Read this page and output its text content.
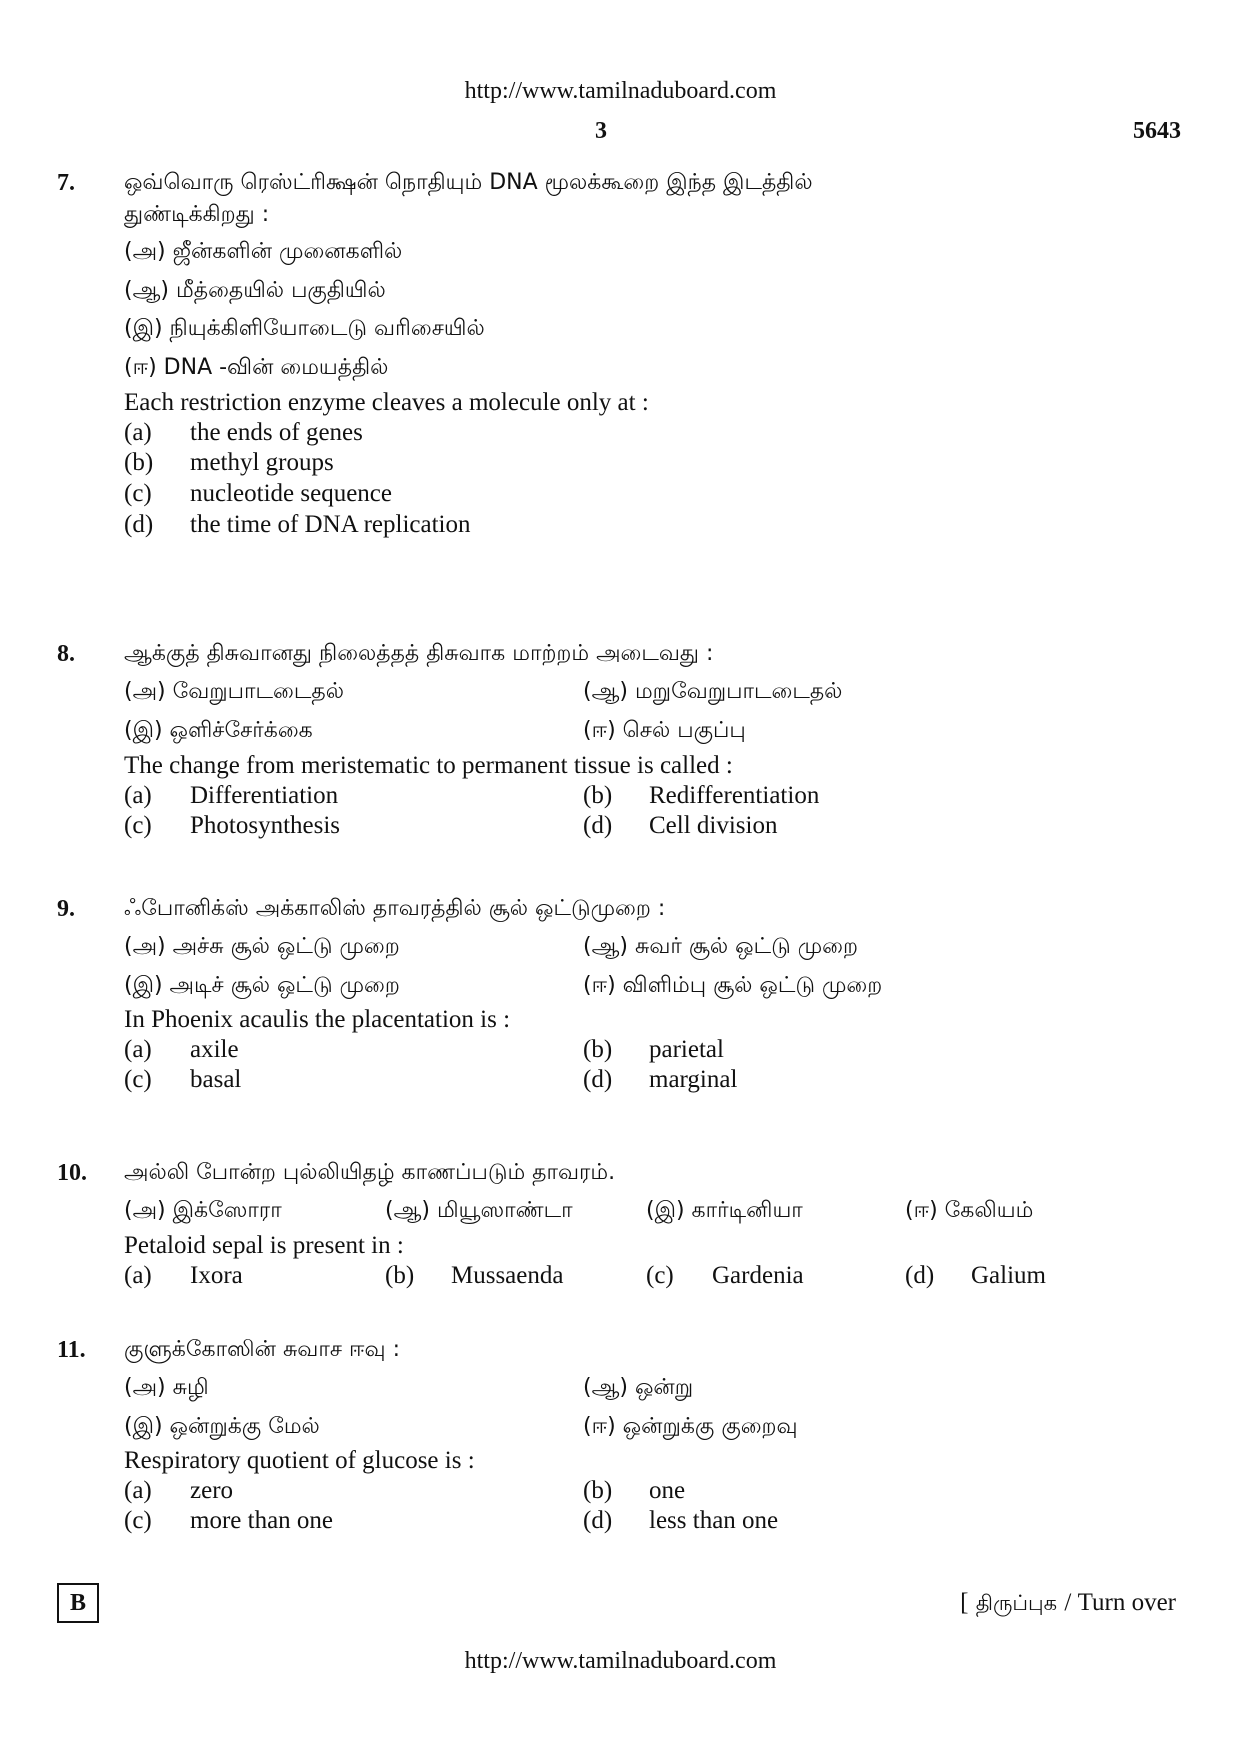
http://www.tamilnaduboard.com
3	5643
7. ஒவ்வொரு ரெஸ்ட்ரிக்ஷன் நொதியும் DNA மூலக்கூறை இந்த இடத்தில்
துண்டிக்கிறது :
(அ) ஜீன்களின் முனைகளில்
(ஆ) மீத்தையில் பகுதியில்
(இ) நியுக்கிளியோடைடு வரிசையில்
(ஈ) DNA -வின் மையத்தில்
Each restriction enzyme cleaves a molecule only at :
(a) the ends of genes
(b) methyl groups
(c) nucleotide sequence
(d) the time of DNA replication
8. ஆக்குத் திசுவானது நிலைத்தத் திசுவாக மாற்றம் அடைவது :
(அ) வேறுபாடடைதல்	(ஆ) மறுவேறுபாடடைதல்
(இ) ஒளிச்சேர்க்கை	(ஈ) செல் பகுப்பு
The change from meristematic to permanent tissue is called :
(a) Differentiation	(b) Redifferentiation
(c) Photosynthesis	(d) Cell division
9. ஃபோனிக்ஸ் அக்காலிஸ் தாவரத்தில் சூல் ஒட்டுமுறை :
(அ) அச்சு சூல் ஒட்டு முறை	(ஆ) சுவர் சூல் ஒட்டு முறை
(இ) அடிச் சூல் ஒட்டு முறை	(ஈ) விளிம்பு சூல் ஒட்டு முறை
In Phoenix acaulis the placentation is :
(a) axile	(b) parietal
(c) basal	(d) marginal
10. அல்லி போன்ற புல்லியிதழ் காணப்படும் தாவரம்.
(அ) இக்ஸோரா	(ஆ) மியூஸாண்டா	(இ) கார்டினியா	(ஈ) கேலியம்
Petaloid sepal is present in :
(a) Ixora	(b) Mussaenda	(c) Gardenia	(d) Galium
11. குளுக்கோஸின் சுவாச ஈவு :
(அ) சுழி	(ஆ) ஒன்று
(இ) ஒன்றுக்கு மேல்	(ஈ) ஒன்றுக்கு குறைவு
Respiratory quotient of glucose is :
(a) zero	(b) one
(c) more than one	(d) less than one
B	[ திருப்புக / Turn over
http://www.tamilnaduboard.com
